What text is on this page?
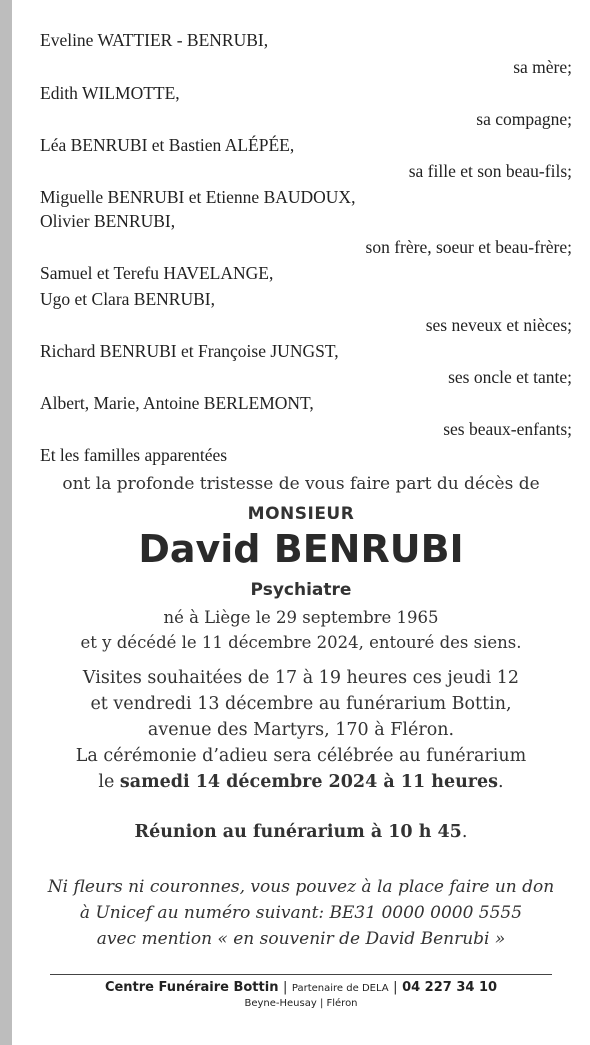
Eveline WATTIER - BENRUBI,
sa mère;
Edith WILMOTTE,
sa compagne;
Léa BENRUBI et Bastien ALÉPÉE,
sa fille et son beau-fils;
Miguelle BENRUBI et Etienne BAUDOUX,
Olivier BENRUBI,
son frère, soeur et beau-frère;
Samuel et Terefu HAVELANGE,
Ugo et Clara BENRUBI,
ses neveux et nièces;
Richard BENRUBI et Françoise JUNGST,
ses oncle et tante;
Albert, Marie, Antoine BERLEMONT,
ses beaux-enfants;
Et les familles apparentées
ont la profonde tristesse de vous faire part du décès de
MONSIEUR
David BENRUBI
Psychiatre
né à Liège le 29 septembre 1965
et y décédé le 11 décembre 2024, entouré des siens.
Visites souhaitées de 17 à 19 heures ces jeudi 12
et vendredi 13 décembre au funérarium Bottin,
avenue des Martyrs, 170 à Fléron.
La cérémonie d’adieu sera célébrée au funérarium
le samedi 14 décembre 2024 à 11 heures.
Réunion au funérarium à 10 h 45.
Ni fleurs ni couronnes, vous pouvez à la place faire un don
à Unicef au numéro suivant: BE31 0000 0000 5555
avec mention « en souvenir de David Benrubi »
Centre Funéraire Bottin | Partenaire de DELA | 04 227 34 10
Beyne-Heusay | Fléron
